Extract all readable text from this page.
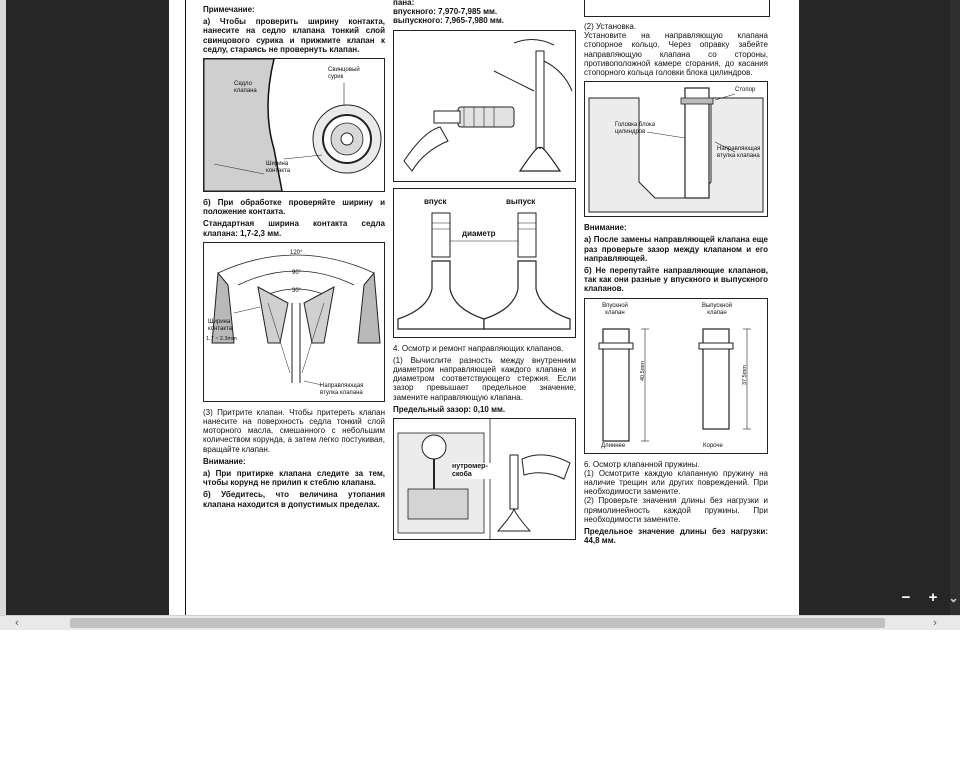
Примечание:

а) Чтобы проверить ширину контакта, нанесите на седло клапана тонкий слой свинцового сурика и прижмите клапан к седлу, стараясь не провернуть клапан.

Седло клапана
Свинцовый сурик
Ширина контакта

б) При обработке проверяйте ширину и положение контакта.

Стандартная ширина контакта седла клапана: 1,7-2,3 мм.

120°
90°
30°
Ширина контакта
1.7 ~ 2.3mm
Направляющая втулка клапана

(3) Притрите клапан. Чтобы притереть клапан нанесите на поверхность седла тонкий слой моторного масла, смешанного с небольшим количеством корунда, а затем легко постукивая, вращайте клапан.

Внимание:

а) При притирке клапана следите за тем, чтобы корунд не прилип к стеблю клапана.

б) Убедитесь, что величина утопания клапана находится в допустимых пределах.

пана:

впускного: 7,970-7,985 мм.

выпускного: 7,965-7,980 мм.

впуск	выпуск
диаметр

4. Осмотр и ремонт направляющих клапанов.

(1) Вычислите разность между внутренним диаметром направляющей каждого клапана и диаметром соответствующего стержня. Если зазор превышает предельное значение, замените направляющую клапана.

Предельный зазор: 0,10 мм.

нутромер-скоба

(2) Установка.

Установите на направляющую клапана стопорное кольцо. Через оправку забейте направляющую клапана со стороны, противоположной камере сгорания, до касания стопорного кольца головки блока цилиндров.

Стопор
Головка блока цилиндров
Направляющая втулка клапана

Внимание:

а) После замены направляющей клапана еще раз проверьте зазор между клапаном и его направляющей.

б) Не перепутайте направляющие клапанов, так как они разные у впускного и выпускного клапанов.

Впускной клапан
Выпускной клапан
40.5mm	37.5mm
Длиннее	Короче

6. Осмотр клапанной пружины.

(1) Осмотрите каждую клапанную пружину на наличие трещин или других повреждений. При необходимости замените.

(2) Проверьте значения длины без нагрузки и прямолинейность каждой пружины. При необходимости замените.

Предельное значение длины без нагрузки: 44,8 мм.

− + ⌄
‹	›
